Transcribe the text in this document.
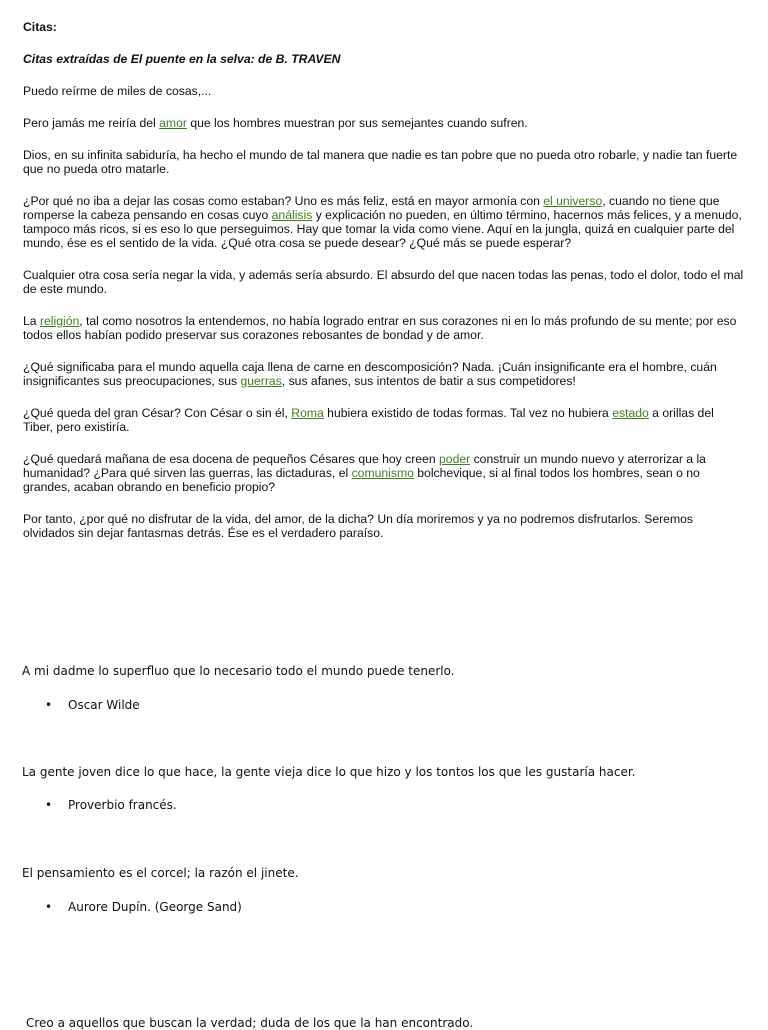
Citas:

Citas extraídas de El puente en la selva: de B. TRAVEN

Puedo reírme de miles de cosas,...

Pero jamás me reiría del amor que los hombres muestran por sus semejantes cuando sufren.

Dios, en su infinita sabiduría, ha hecho el mundo de tal manera que nadie es tan pobre que no pueda otro robarle, y nadie tan fuerte que no pueda otro matarle.

¿Por qué no iba a dejar las cosas como estaban? Uno es más feliz, está en mayor armonía con el universo, cuando no tiene que romperse la cabeza pensando en cosas cuyo análisis y explicación no pueden, en último término, hacernos más felices, y a menudo, tampoco más ricos, si es eso lo que perseguimos. Hay que tomar la vida como viene. Aquí en la jungla, quizá en cualquier parte del mundo, ése es el sentido de la vida. ¿Qué otra cosa se puede desear? ¿Qué más se puede esperar?

Cualquier otra cosa sería negar la vida, y además sería absurdo. El absurdo del que nacen todas las penas, todo el dolor, todo el mal de este mundo.

La religión, tal como nosotros la entendemos, no había logrado entrar en sus corazones ni en lo más profundo de su mente; por eso todos ellos habían podido preservar sus corazones rebosantes de bondad y de amor.

¿Qué significaba para el mundo aquella caja llena de carne en descomposición? Nada. ¡Cuán insignificante era el hombre, cuán insignificantes sus preocupaciones, sus guerras, sus afanes, sus intentos de batir a sus competidores!

¿Qué queda del gran César? Con César o sin él, Roma hubiera existido de todas formas. Tal vez no hubiera estado a orillas del Tiber, pero existiría.

¿Qué quedará mañana de esa docena de pequeños Césares que hoy creen poder construir un mundo nuevo y aterrorizar a la humanidad? ¿Para qué sirven las guerras, las dictaduras, el comunismo bolchevique, si al final todos los hombres, sean o no grandes, acaban obrando en beneficio propio?

Por tanto, ¿por qué no disfrutar de la vida, del amor, de la dicha? Un día moriremos y ya no podremos disfrutarlos. Seremos olvidados sin dejar fantasmas detrás. Ése es el verdadero paraíso.

A mi dadme lo superfluo que lo necesario todo el mundo puede tenerlo.

• Oscar Wilde

La gente joven dice lo que hace, la gente vieja dice lo que hizo y los tontos los que les gustaría hacer.

• Proverbio francés.

El pensamiento es el corcel; la razón el jinete.

• Aurore Dupín. (George Sand)

Creo a aquellos que buscan la verdad; duda de los que la han encontrado.
